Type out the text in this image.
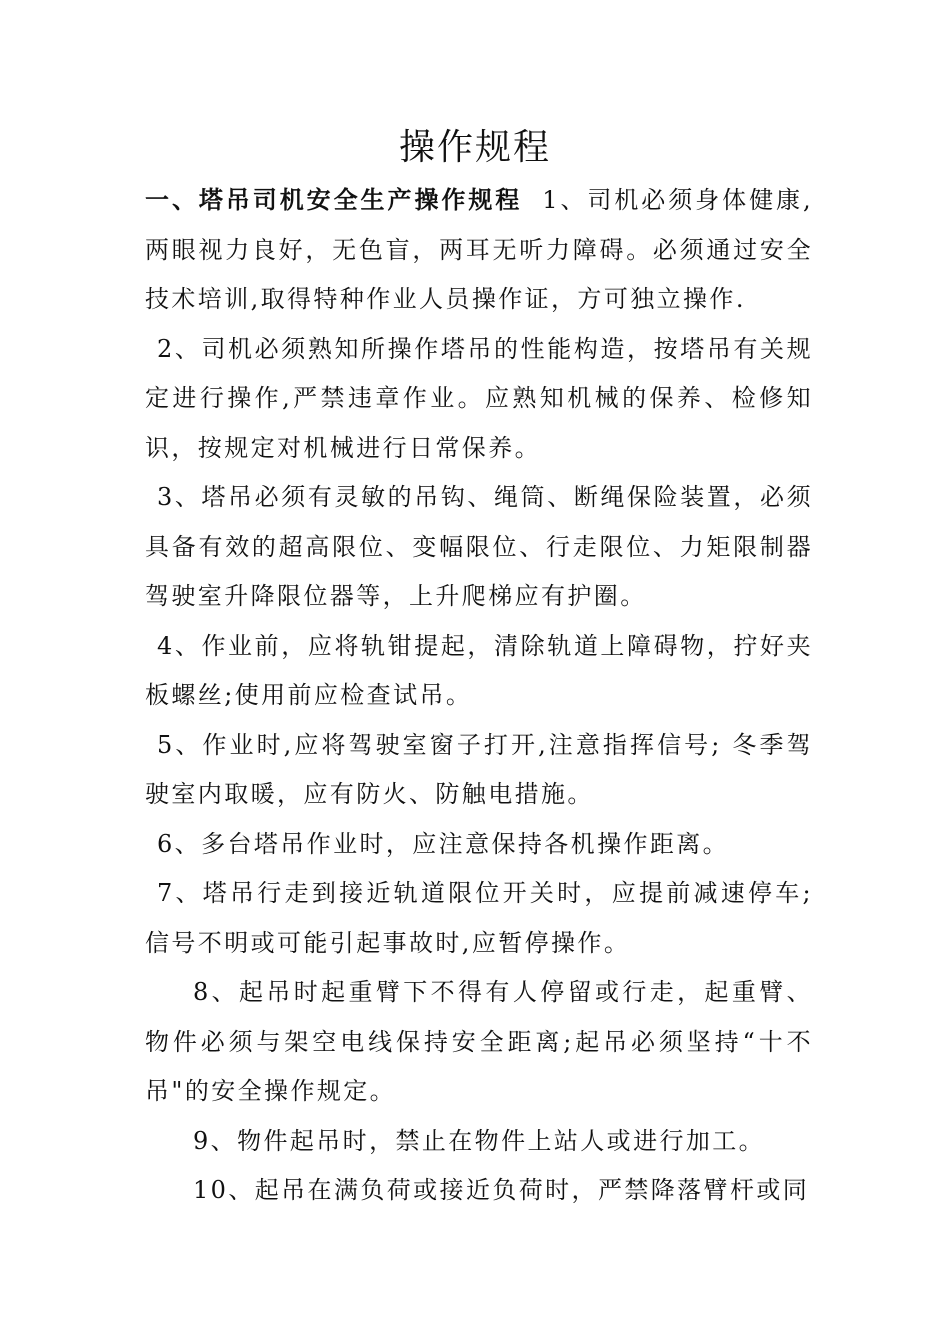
操作规程

一、塔吊司机安全生产操作规程 1、司机必须身体健康,两眼视力良好，无色盲，两耳无听力障碍。必须通过安全技术培训,取得特种作业人员操作证，方可独立操作.

2、司机必须熟知所操作塔吊的性能构造，按塔吊有关规定进行操作,严禁违章作业。应熟知机械的保养、检修知识，按规定对机械进行日常保养。

3、塔吊必须有灵敏的吊钩、绳筒、断绳保险装置，必须具备有效的超高限位、变幅限位、行走限位、力矩限制器驾驶室升降限位器等，上升爬梯应有护圈。

4、作业前，应将轨钳提起，清除轨道上障碍物，拧好夹板螺丝;使用前应检查试吊。

5、作业时,应将驾驶室窗子打开,注意指挥信号; 冬季驾驶室内取暖，应有防火、防触电措施。

6、多台塔吊作业时，应注意保持各机操作距离。

7、塔吊行走到接近轨道限位开关时，应提前减速停车;信号不明或可能引起事故时,应暂停操作。

8、起吊时起重臂下不得有人停留或行走，起重臂、物件必须与架空电线保持安全距离;起吊必须坚持“十不吊"的安全操作规定。

9、物件起吊时，禁止在物件上站人或进行加工。

10、起吊在满负荷或接近负荷时，严禁降落臂杆或同
